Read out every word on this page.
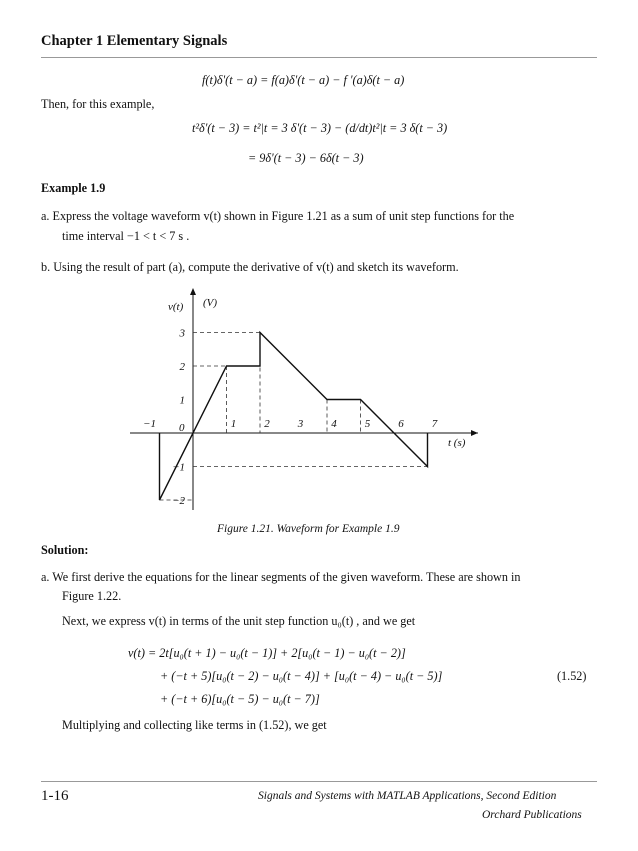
Chapter 1 Elementary Signals
f(t)δ'(t − a) = f(a)δ'(t − a) − f '(a)δ(t − a)
Then, for this example,
t²δ'(t − 3) = t²|t = 3 δ'(t − 3) − (d/dt)t²|t = 3 δ(t − 3)
= 9δ'(t − 3) − 6δ(t − 3)
Example 1.9
a. Express the voltage waveform v(t) shown in Figure 1.21 as a sum of unit step functions for the
time interval −1 < t < 7 s .
b. Using the result of part (a), compute the derivative of v(t) and sketch its waveform.
v(t) (V)
t (s)
0
−1	1	2	3	4	5	6	7
3
2
1
−1
−2
Figure 1.21. Waveform for Example 1.9
Solution:
a. We first derive the equations for the linear segments of the given waveform. These are shown in
Figure 1.22.
Next, we express v(t) in terms of the unit step function u₀(t) , and we get
v(t) = 2t[u₀(t + 1) − u₀(t − 1)] + 2[u₀(t − 1) − u₀(t − 2)]
+ (−t + 5)[u₀(t − 2) − u₀(t − 4)] + [u₀(t − 4) − u₀(t − 5)]	(1.52)
+ (−t + 6)[u₀(t − 5) − u₀(t − 7)]
Multiplying and collecting like terms in (1.52), we get
1-16	Signals and Systems with MATLAB Applications, Second Edition
Orchard Publications
